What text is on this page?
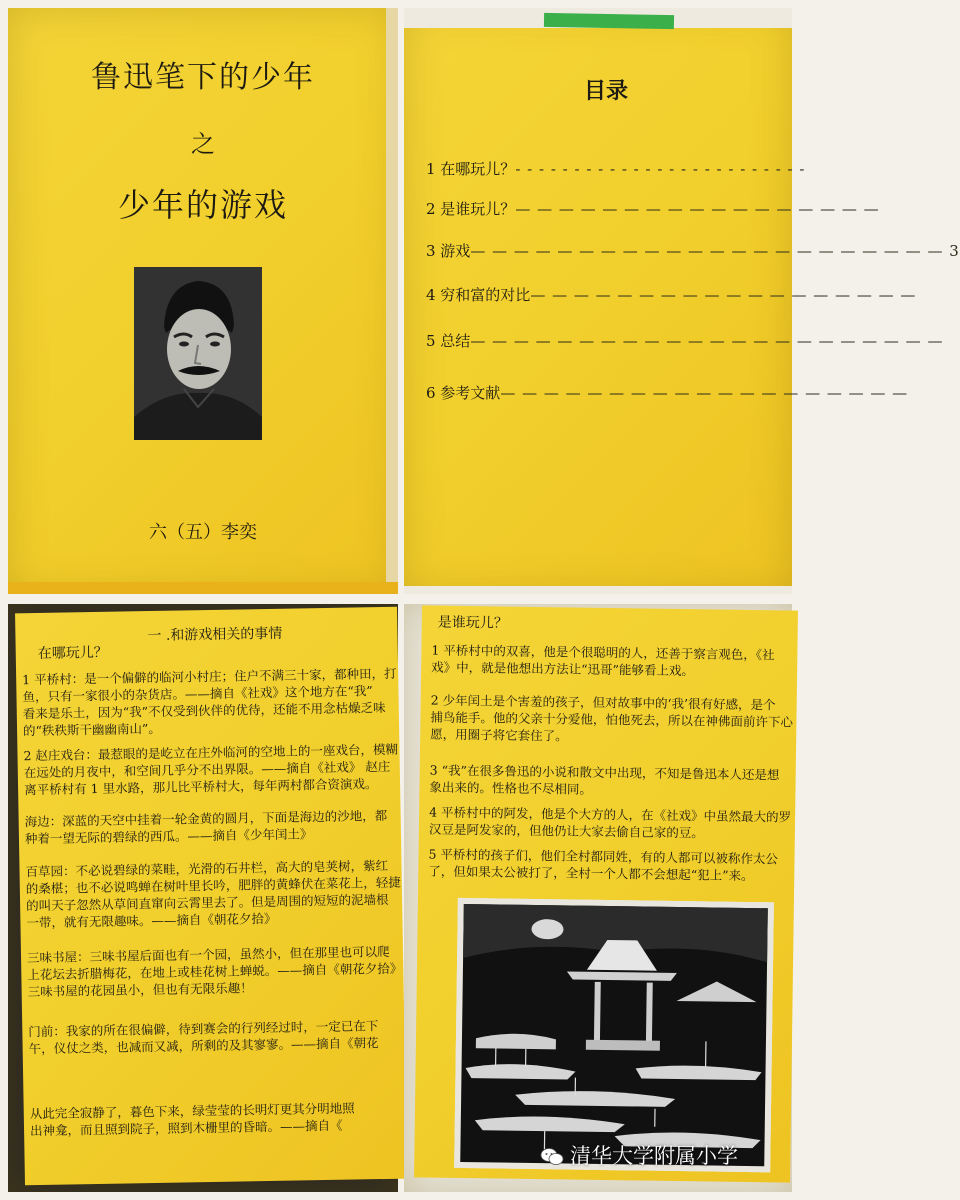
鲁迅笔下的少年
之
少年的游戏
六（五）李奕
目录
1 在哪玩儿？- - - - - - - - - - - - - - - - - - - - - - - - -
2 是谁玩儿？— — — — — — — — — — — — — — — — —
3 游戏— — — — — — — — — — — — — — — — — — — — — — 3
4 穷和富的对比— — — — — — — — — — — — — — — — — —
5 总结— — — — — — — — — — — — — — — — — — — — — —
6 参考文献— — — — — — — — — — — — — — — — — — —
一 .和游戏相关的事情
在哪玩儿？
1 平桥村：是一个偏僻的临河小村庄；住户不满三十家，都种田，打
鱼，只有一家很小的杂货店。——摘自《社戏》这个地方在“我”
看来是乐土，因为“我”不仅受到伙伴的优待，还能不用念枯燥乏味
的“秩秩斯干幽幽南山”。
2 赵庄戏台：最惹眼的是屹立在庄外临河的空地上的一座戏台，模糊
在远处的月夜中，和空间几乎分不出界限。——摘自《社戏》 赵庄
离平桥村有 1 里水路，那儿比平桥村大，每年两村都合资演戏。
海边：深蓝的天空中挂着一轮金黄的圆月，下面是海边的沙地，都
种着一望无际的碧绿的西瓜。——摘自《少年闰土》
百草园：不必说碧绿的菜畦，光滑的石井栏，高大的皂荚树，紫红
的桑椹；也不必说鸣蝉在树叶里长吟，肥胖的黄蜂伏在菜花上，轻捷
的叫天子忽然从草间直窜向云霄里去了。但是周围的短短的泥墙根
一带，就有无限趣味。——摘自《朝花夕拾》
三味书屋：三味书屋后面也有一个园，虽然小，但在那里也可以爬
上花坛去折腊梅花，在地上或桂花树上蝉蜕。——摘自《朝花夕拾》
三味书屋的花园虽小，但也有无限乐趣！
门前：我家的所在很偏僻，待到赛会的行列经过时，一定已在下
午，仪仗之类，也减而又减，所剩的及其寥寥。——摘自《朝花
从此完全寂静了，暮色下来，绿莹莹的长明灯更其分明地照
出神龛，而且照到院子，照到木栅里的昏暗。——摘自《
是谁玩儿？
1 平桥村中的双喜，他是个很聪明的人，还善于察言观色，《社
戏》中，就是他想出方法让“迅哥”能够看上戏。
2 少年闰土是个害羞的孩子，但对故事中的‘我’很有好感，是个
捕鸟能手。他的父亲十分爱他，怕他死去，所以在神佛面前许下心
愿，用圈子将它套住了。
3 “我”在很多鲁迅的小说和散文中出现，不知是鲁迅本人还是想
象出来的。性格也不尽相同。
4 平桥村中的阿发，他是个大方的人，在《社戏》中虽然最大的罗
汉豆是阿发家的，但他仍让大家去偷自己家的豆。
5 平桥村的孩子们，他们全村都同姓，有的人都可以被称作太公
了，但如果太公被打了，全村一个人都不会想起“犯上”来。
清华大学附属小学
